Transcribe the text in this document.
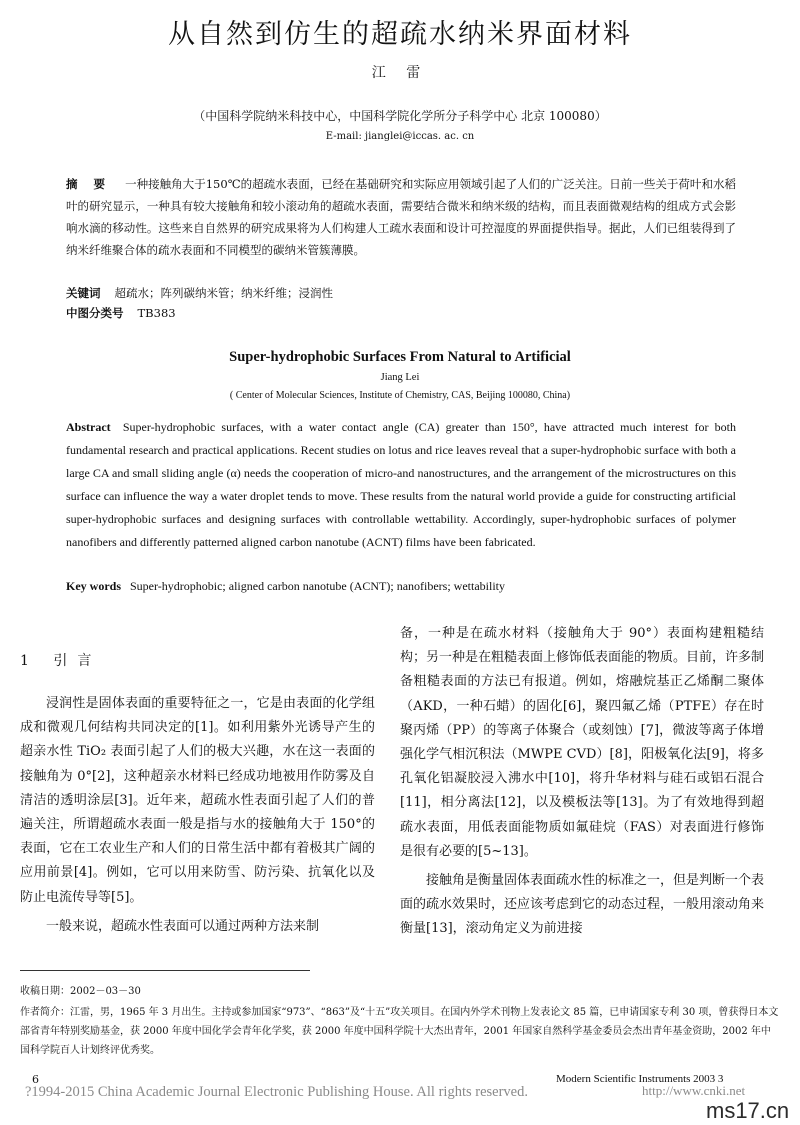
从自然到仿生的超疏水纳米界面材料
江 雷
（中国科学院纳米科技中心，中国科学院化学所分子科学中心 北京 100080）
E-mail: jianglei@iccas. ac. cn
摘 要 一种接触角大于150℃的超疏水表面，已经在基础研究和实际应用领域引起了人们的广泛关注。日前一些关于荷叶和水稻叶的研究显示，一种具有较大接触角和较小滚动角的超疏水表面，需要结合微米和纳米级的结构，而且表面微观结构的组成方式会影响水滴的移动性。这些来自自然界的研究成果将为人们构建人工疏水表面和设计可控湿度的界面提供指导。据此，人们已组装得到了纳米纤维聚合体的疏水表面和不同模型的碳纳米管簇薄膜。
关键词 超疏水；阵列碳纳米管；纳米纤维；浸润性
中图分类号 TB383
Super-hydrophobic Surfaces From Natural to Artificial
Jiang Lei
( Center of Molecular Sciences, Institute of Chemistry, CAS, Beijing 100080, China)
Abstract Super-hydrophobic surfaces, with a water contact angle (CA) greater than 150°, have attracted much interest for both fundamental research and practical applications. Recent studies on lotus and rice leaves reveal that a super-hydrophobic surface with both a large CA and small sliding angle (α) needs the cooperation of micro-and nanostructures, and the arrangement of the microstructures on this surface can influence the way a water droplet tends to move. These results from the natural world provide a guide for constructing artificial super-hydrophobic surfaces and designing surfaces with controllable wettability. Accordingly, super-hydrophobic surfaces of polymer nanofibers and differently patterned aligned carbon nanotube (ACNT) films have been fabricated.
Key words Super-hydrophobic; aligned carbon nanotube (ACNT); nanofibers; wettability
1 引言

浸润性是固体表面的重要特征之一，它是由表面的化学组成和微观几何结构共同决定的[1]。如利用紫外光诱导产生的超亲水性 TiO₂ 表面引起了人们的极大兴趣，水在这一表面的接触角为 0°[2]，这种超亲水材料已经成功地被用作防雾及自清洁的透明涂层[3]。近年来，超疏水性表面引起了人们的普遍关注，所谓超疏水表面一般是指与水的接触角大于 150°的表面，它在工农业生产和人们的日常生活中都有着极其广阔的应用前景[4]。例如，它可以用来防雪、防污染、抗氧化以及防止电流传导等[5]。

一般来说，超疏水性表面可以通过两种方法来制

备，一种是在疏水材料（接触角大于 90°）表面构建粗糙结构；另一种是在粗糙表面上修饰低表面能的物质。目前，许多制备粗糙表面的方法已有报道。例如，熔融烷基正乙烯酮二聚体（AKD，一种石蜡）的固化[6]，聚四氟乙烯（PTFE）存在时聚丙烯（PP）的等离子体聚合（或刻蚀）[7]，微波等离子体增强化学气相沉积法（MWPE CVD）[8]，阳极氧化法[9]，将多孔氧化铝凝胶浸入沸水中[10]，将升华材料与硅石或铝石混合[11]，相分离法[12]，以及模板法等[13]。为了有效地得到超疏水表面，用低表面能物质如氟硅烷（FAS）对表面进行修饰是很有必要的[5~13]。

接触角是衡量固体表面疏水性的标准之一，但是判断一个表面的疏水效果时，还应该考虑到它的动态过程，一般用滚动角来衡量[13]，滚动角定义为前进接

收稿日期：2002－03－30
作者简介：江雷，男，1965 年 3 月出生。主持或参加国家“973”、“863”及“十五”攻关项目。在国内外学术刊物上发表论文 85 篇，已申请国家专利 30 项，曾获得日本文部省青年特别奖励基金，获 2000 年度中国化学会青年化学奖，获 2000 年度中国科学院十大杰出青年，2001 年国家自然科学基金委员会杰出青年基金资助，2002 年中国科学院百人计划终评优秀奖。
6	Modern Scientific Instruments 2003 3
?1994-2015 China Academic Journal Electronic Publishing House. All rights reserved.	http://www.cnki.net
ms17.cn
